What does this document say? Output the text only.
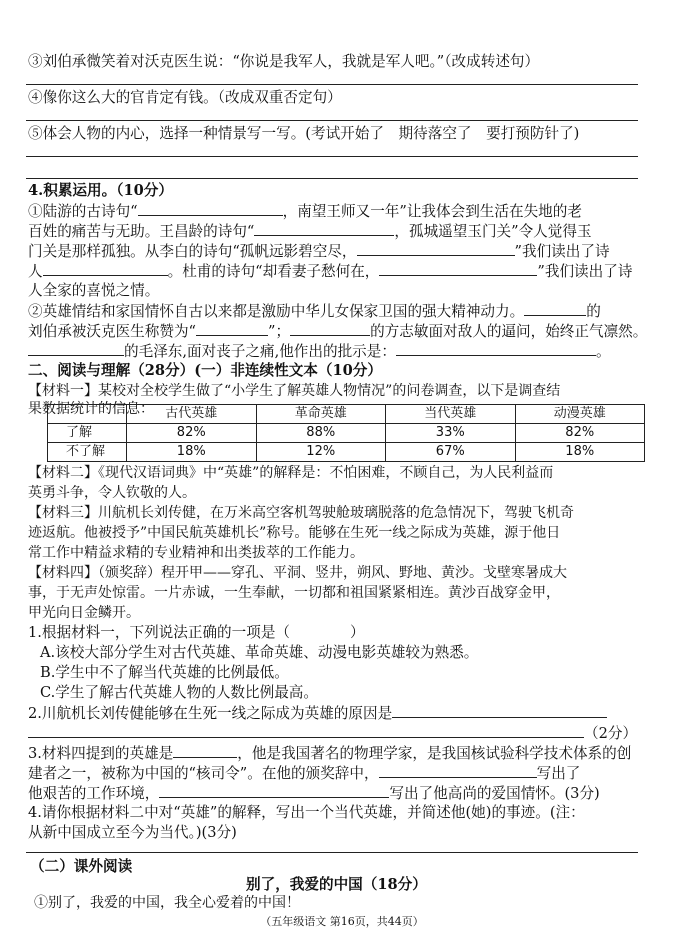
③刘伯承微笑着对沃克医生说：“你说是我军人，我就是军人吧。”（改成转述句）
④像你这么大的官肯定有钱。（改成双重否定句）
⑤体会人物的内心，选择一种情景写一写。(考试开始了　期待落空了　要打预防针了)
4.积累运用。（10分）
①陆游的古诗句“	，南望王师又一年”让我体会到生活在失地的老
百姓的痛苦与无助。王昌龄的诗句“	，孤城遥望玉门关”令人觉得玉
门关是那样孤独。从李白的诗句“孤帆远影碧空尽，	”我们读出了诗
人	。杜甫的诗句“却看妻子愁何在，	”我们读出了诗
人全家的喜悦之情。
②英雄情结和家国情怀自古以来都是激励中华儿女保家卫国的强大精神动力。	的
刘伯承被沃克医生称赞为“	”；	的方志敏面对敌人的逼问，始终正气凛然。
的毛泽东,面对丧子之痛,他作出的批示是：	。
二、阅读与理解（28分）(一）非连续性文本（10分）
【材料一】某校对全校学生做了“小学生了解英雄人物情况”的问卷调查，以下是调查结
果数据统计的信息：
	古代英雄	革命英雄	当代英雄	动漫英雄
了解	82%	88%	33%	82%
不了解	18%	12%	67%	18%
【材料二】《现代汉语词典》中“英雄”的解释是：不怕困难，不顾自己，为人民利益而
英勇斗争，令人钦敬的人。
【材料三】川航机长刘传健，在万米高空客机驾驶舱玻璃脱落的危急情况下，驾驶飞机奇
迹返航。他被授予”中国民航英雄机长”称号。能够在生死一线之际成为英雄，源于他日
常工作中精益求精的专业精神和出类拔萃的工作能力。
【材料四】（颁奖辞）程开甲——穿孔、平洞、竖井，朔风、野地、黄沙。戈壁寒暑成大
事，于无声处惊雷。一片赤诚，一生奉献，一切都和祖国紧紧相连。黄沙百战穿金甲，
甲光向日金鳞开。
1.根据材料一，下列说法正确的一项是（	）
A.该校大部分学生对古代英雄、革命英雄、动漫电影英雄较为熟悉。
B.学生中不了解当代英雄的比例最低。
C.学生了解古代英雄人物的人数比例最高。
2.川航机长刘传健能够在生死一线之际成为英雄的原因是
（2分）
3.材料四提到的英雄是	，他是我国著名的物理学家，是我国核试验科学技术体系的创
建者之一，被称为中国的“核司令”。在他的颁奖辞中，	写出了
他艰苦的工作环境，	写出了他高尚的爱国情怀。(3分)
4.请你根据材料二中对“英雄”的解释，写出一个当代英雄，并简述他(她)的事迹。(注：
从新中国成立至今为当代。)(3分)
（二）课外阅读
别了，我爱的中国（18分）
①别了，我爱的中国，我全心爱着的中国！
（五年级语文 第16页，共44页）
